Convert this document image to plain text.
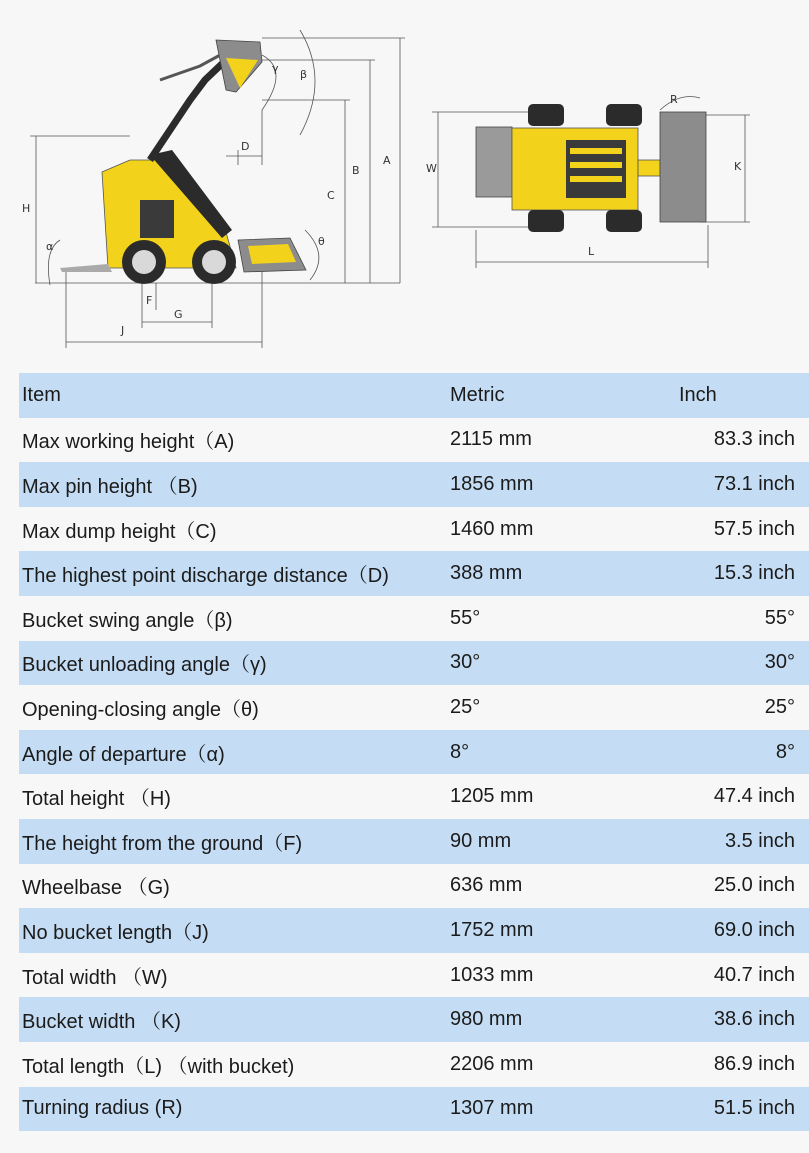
A
B
C
D
H
F
G
J
α
β
γ
θ
W	K
L
R
Item	Metric	Inch
Max working height（A)	2115 mm	83.3 inch
Max pin height （B)	1856 mm	73.1 inch
Max dump height（C)	1460 mm	57.5 inch
The highest point discharge distance（D)	388 mm	15.3 inch
Bucket swing angle（β)	55°	55°
Bucket unloading angle（γ)	30°	30°
Opening-closing angle（θ)	25°	25°
Angle of departure（α)	8°	8°
Total height （H)	1205 mm	47.4 inch
The height from the ground（F)	90 mm	3.5 inch
Wheelbase （G)	636 mm	25.0 inch
No bucket length（J)	1752 mm	69.0 inch
Total width （W)	1033 mm	40.7 inch
Bucket width （K)	980 mm	38.6 inch
Total length（L) （with bucket)	2206 mm	86.9 inch
Turning radius (R)	1307 mm	51.5 inch
